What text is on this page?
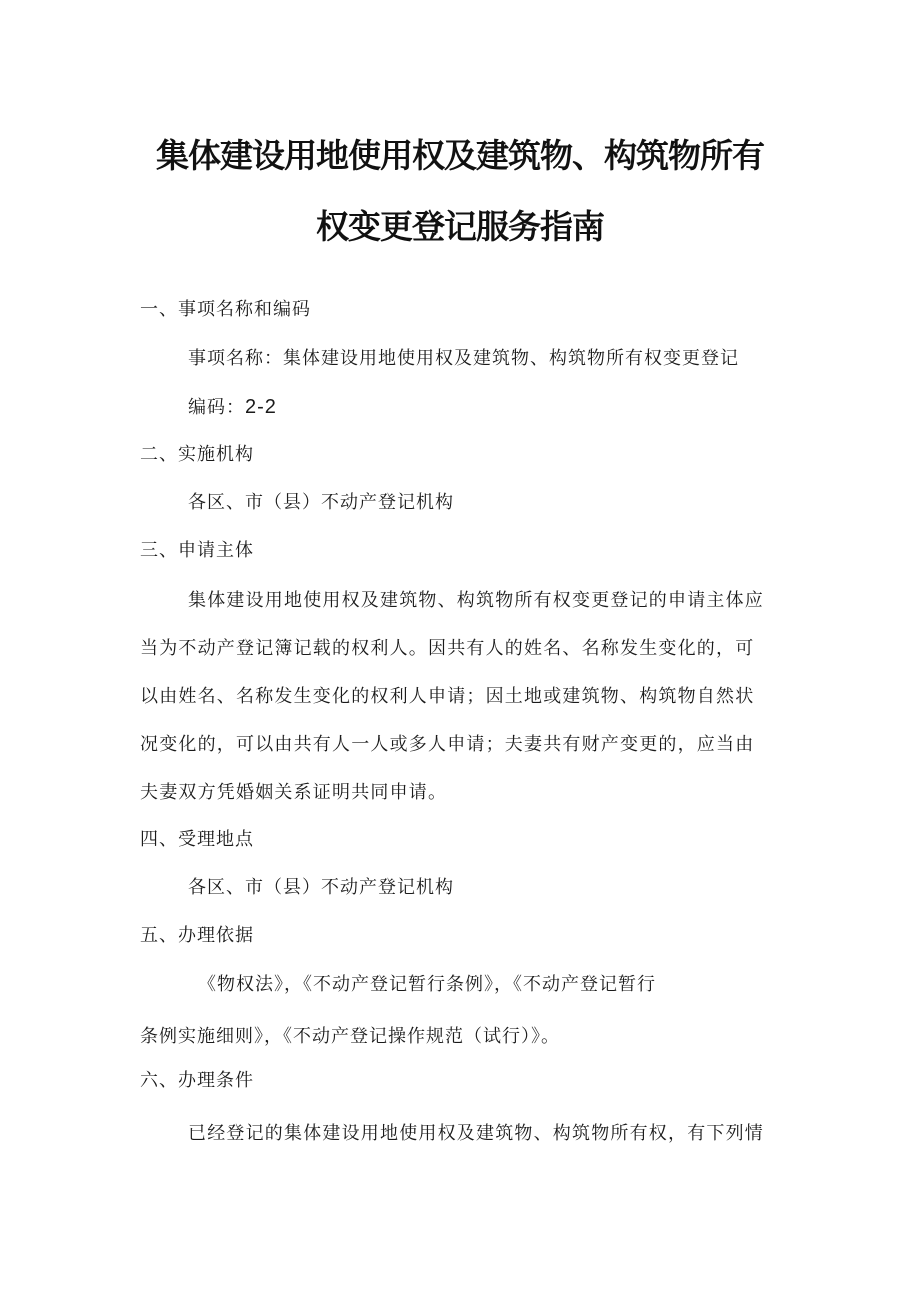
集体建设用地使用权及建筑物、构筑物所有
权变更登记服务指南
一、事项名称和编码
事项名称：集体建设用地使用权及建筑物、构筑物所有权变更登记
编码：2-2
二、实施机构
各区、市（县）不动产登记机构
三、申请主体
集体建设用地使用权及建筑物、构筑物所有权变更登记的申请主体应
当为不动产登记簿记载的权利人。因共有人的姓名、名称发生变化的，可
以由姓名、名称发生变化的权利人申请；因土地或建筑物、构筑物自然状
况变化的，可以由共有人一人或多人申请；夫妻共有财产变更的，应当由
夫妻双方凭婚姻关系证明共同申请。
四、受理地点
各区、市（县）不动产登记机构
五、办理依据
《物权法》，《不动产登记暂行条例》，《不动产登记暂行
条例实施细则》，《不动产登记操作规范（试行）》。
六、办理条件
已经登记的集体建设用地使用权及建筑物、构筑物所有权，有下列情
